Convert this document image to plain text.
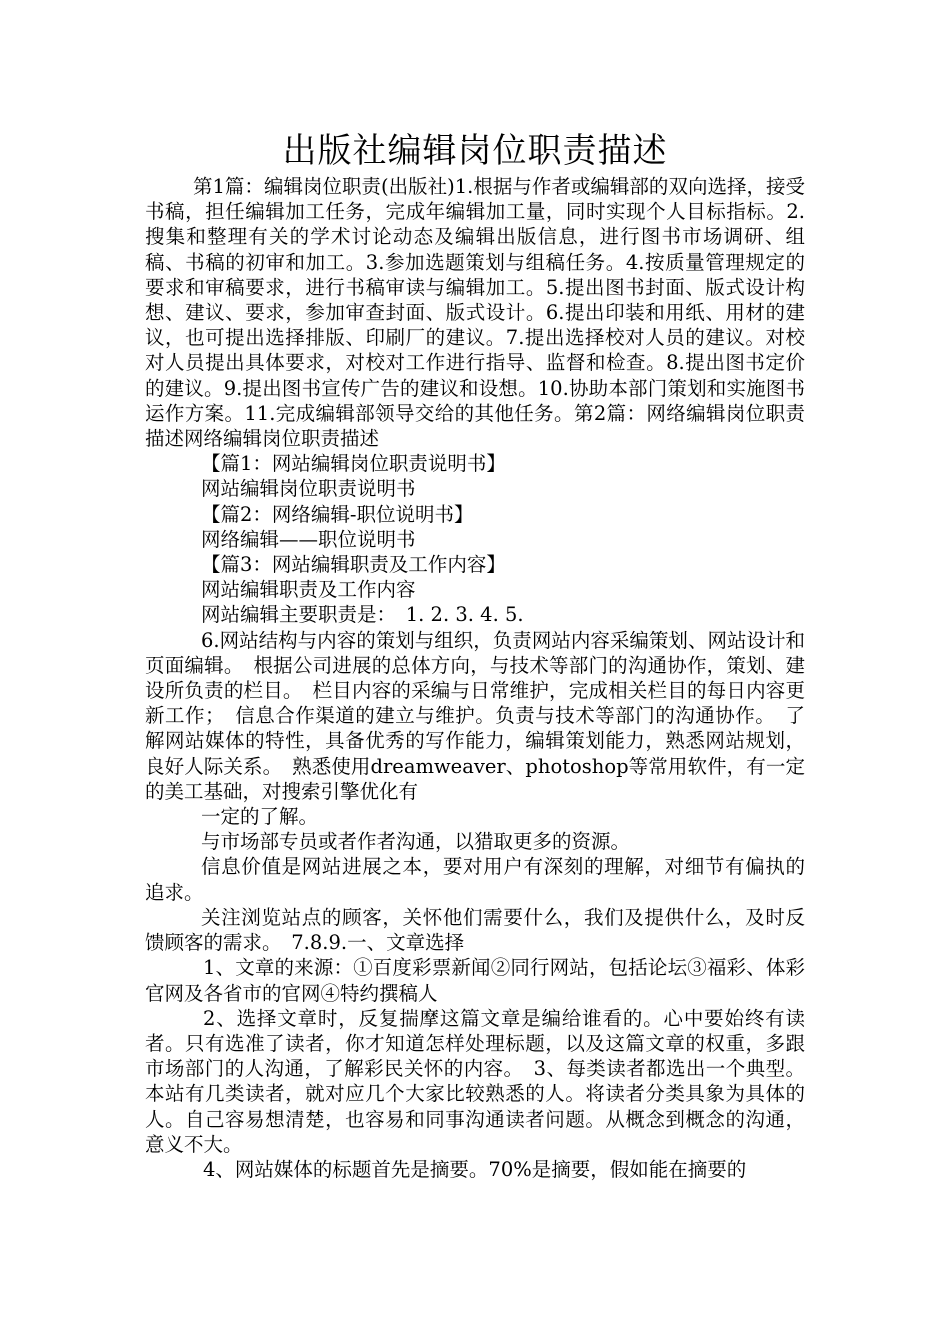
出版社编辑岗位职责描述

第1篇：编辑岗位职责(出版社)1.根据与作者或编辑部的双向选择，接受书稿，担任编辑加工任务，完成年编辑加工量，同时实现个人目标指标。2.搜集和整理有关的学术讨论动态及编辑出版信息，进行图书市场调研、组稿、书稿的初审和加工。3.参加选题策划与组稿任务。4.按质量管理规定的要求和审稿要求，进行书稿审读与编辑加工。5.提出图书封面、版式设计构想、建议、要求，参加审查封面、版式设计。6.提出印装和用纸、用材的建议，也可提出选择排版、印刷厂的建议。7.提出选择校对人员的建议。对校对人员提出具体要求，对校对工作进行指导、监督和检查。8.提出图书定价的建议。9.提出图书宣传广告的建议和设想。10.协助本部门策划和实施图书运作方案。11.完成编辑部领导交给的其他任务。第2篇：网络编辑岗位职责描述网络编辑岗位职责描述

【篇1：网站编辑岗位职责说明书】

网站编辑岗位职责说明书

【篇2：网络编辑-职位说明书】

网络编辑——职位说明书

【篇3：网站编辑职责及工作内容】

网站编辑职责及工作内容

网站编辑主要职责是：　1. 2. 3. 4. 5.

6.网站结构与内容的策划与组织，负责网站内容采编策划、网站设计和页面编辑。　根据公司进展的总体方向，与技术等部门的沟通协作，策划、建设所负责的栏目。　栏目内容的采编与日常维护，完成相关栏目的每日内容更新工作；　信息合作渠道的建立与维护。负责与技术等部门的沟通协作。　了解网站媒体的特性，具备优秀的写作能力，编辑策划能力，熟悉网站规划，良好人际关系。　熟悉使用dreamweaver、photoshop等常用软件，有一定的美工基础，对搜索引擎优化有

一定的了解。

与市场部专员或者作者沟通，以猎取更多的资源。

信息价值是网站进展之本，要对用户有深刻的理解，对细节有偏执的追求。

关注浏览站点的顾客，关怀他们需要什么，我们及提供什么，及时反馈顾客的需求。　7.8.9.一、文章选择

1、文章的来源：①百度彩票新闻②同行网站，包括论坛③福彩、体彩官网及各省市的官网④特约撰稿人

2、选择文章时，反复揣摩这篇文章是编给谁看的。心中要始终有读者。只有选准了读者，你才知道怎样处理标题，以及这篇文章的权重，多跟市场部门的人沟通，了解彩民关怀的内容。　3、每类读者都选出一个典型。本站有几类读者，就对应几个大家比较熟悉的人。将读者分类具象为具体的人。自己容易想清楚，也容易和同事沟通读者问题。从概念到概念的沟通，意义不大。

4、网站媒体的标题首先是摘要。70%是摘要，假如能在摘要的
